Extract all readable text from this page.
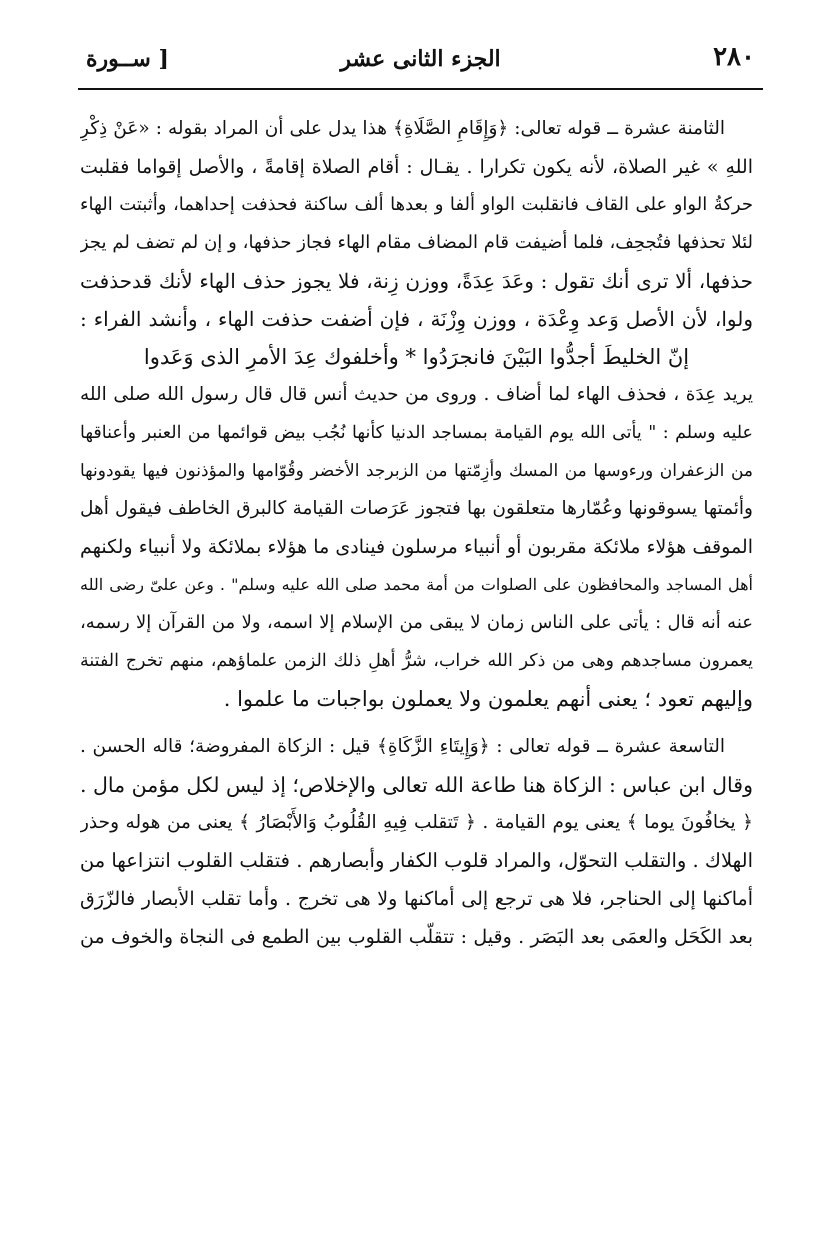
٢٨٠
الجزء الثانى عشر
[ ســورة
الثامنة عشرة ــ قوله تعالى: ﴿وَإِقَامِ الصَّلَاةِ﴾ هذا يدل على أن المراد بقوله : «عَنْ ذِكْرِ
اللهِ » غير الصلاة، لأنه يكون تكرارا . يقـال : أقام الصلاة إقامةً ، والأصل إقواما فقلبت
حركةُ الواو على القاف فانقلبت الواو ألفا و بعدها ألف ساكنة فحذفت إحداهما، وأثبتت الهاء
لئلا تحذفها فتُجحِف، فلما أضيفت قام المضاف مقام الهاء فجاز حذفها، و إن لم تضف لم يجز
حذفها، ألا ترى أنك تقول : وعَدَ عِدَةً، ووزن زِنة، فلا يجوز حذف الهاء لأنك قدحذفت
ولوا، لأن الأصل وَعد وِعْدَة ، ووزن وِزْنَة ، فإن أضفت حذفت الهاء ، وأنشد الفراء :
إنّ الخليطَ أجدُّوا البَيْنَ فانجرَدُوا * وأخلفوك عِدَ الأمرِ الذى وَعَدوا
يريد عِدَة ، فحذف الهاء لما أضاف . وروى من حديث أنس قال قال رسول الله صلى الله
عليه وسلم : " يأتى الله يوم القيامة بمساجد الدنيا كأنها نُجُب بيض قوائمها من العنبر وأعناقها
من الزعفران ورءوسها من المسك وأزِمّتها من الزبرجد الأخضر وقُوّامها والمؤذنون فيها يقودونها
وأئمتها يسوقونها وعُمّارها متعلقون بها فتجوز عَرَصات القيامة كالبرق الخاطف فيقول أهل
الموقف هؤلاء ملائكة مقربون أو أنبياء مرسلون فينادى ما هؤلاء بملائكة ولا أنبياء ولكنهم
أهل المساجد والمحافظون على الصلوات من أمة محمد صلى الله عليه وسلم" . وعن علىّ رضى الله
عنه أنه قال : يأتى على الناس زمان لا يبقى من الإسلام إلا اسمه، ولا من القرآن إلا رسمه،
يعمرون مساجدهم وهى من ذكر الله خراب، شرُّ أهلِ ذلك الزمن علماؤهم، منهم تخرج الفتنة
وإليهم تعود ؛ يعنى أنهم يعلمون ولا يعملون بواجبات ما علموا .
التاسعة عشرة ــ قوله تعالى : ﴿وَإِيتَاءِ الزَّكَاةِ﴾ قيل : الزكاة المفروضة؛ قاله الحسن .
وقال ابن عباس : الزكاة هنا طاعة الله تعالى والإخلاص؛ إذ ليس لكل مؤمن مال .
﴿ يخافُونَ يوما ﴾ يعنى يوم القيامة . ﴿ تَتقلب فِيهِ القُلُوبُ وَالأَبْصَارُ ﴾ يعنى من هوله وحذر
الهلاك . والتقلب التحوّل، والمراد قلوب الكفار وأبصارهم . فتقلب القلوب انتزاعها من
أماكنها إلى الحناجر، فلا هى ترجع إلى أماكنها ولا هى تخرج . وأما تقلب الأبصار فالزّرَق
بعد الكَحَل والعمَى بعد البَصَر . وقيل : تتقلّب القلوب بين الطمع فى النجاة والخوف من
